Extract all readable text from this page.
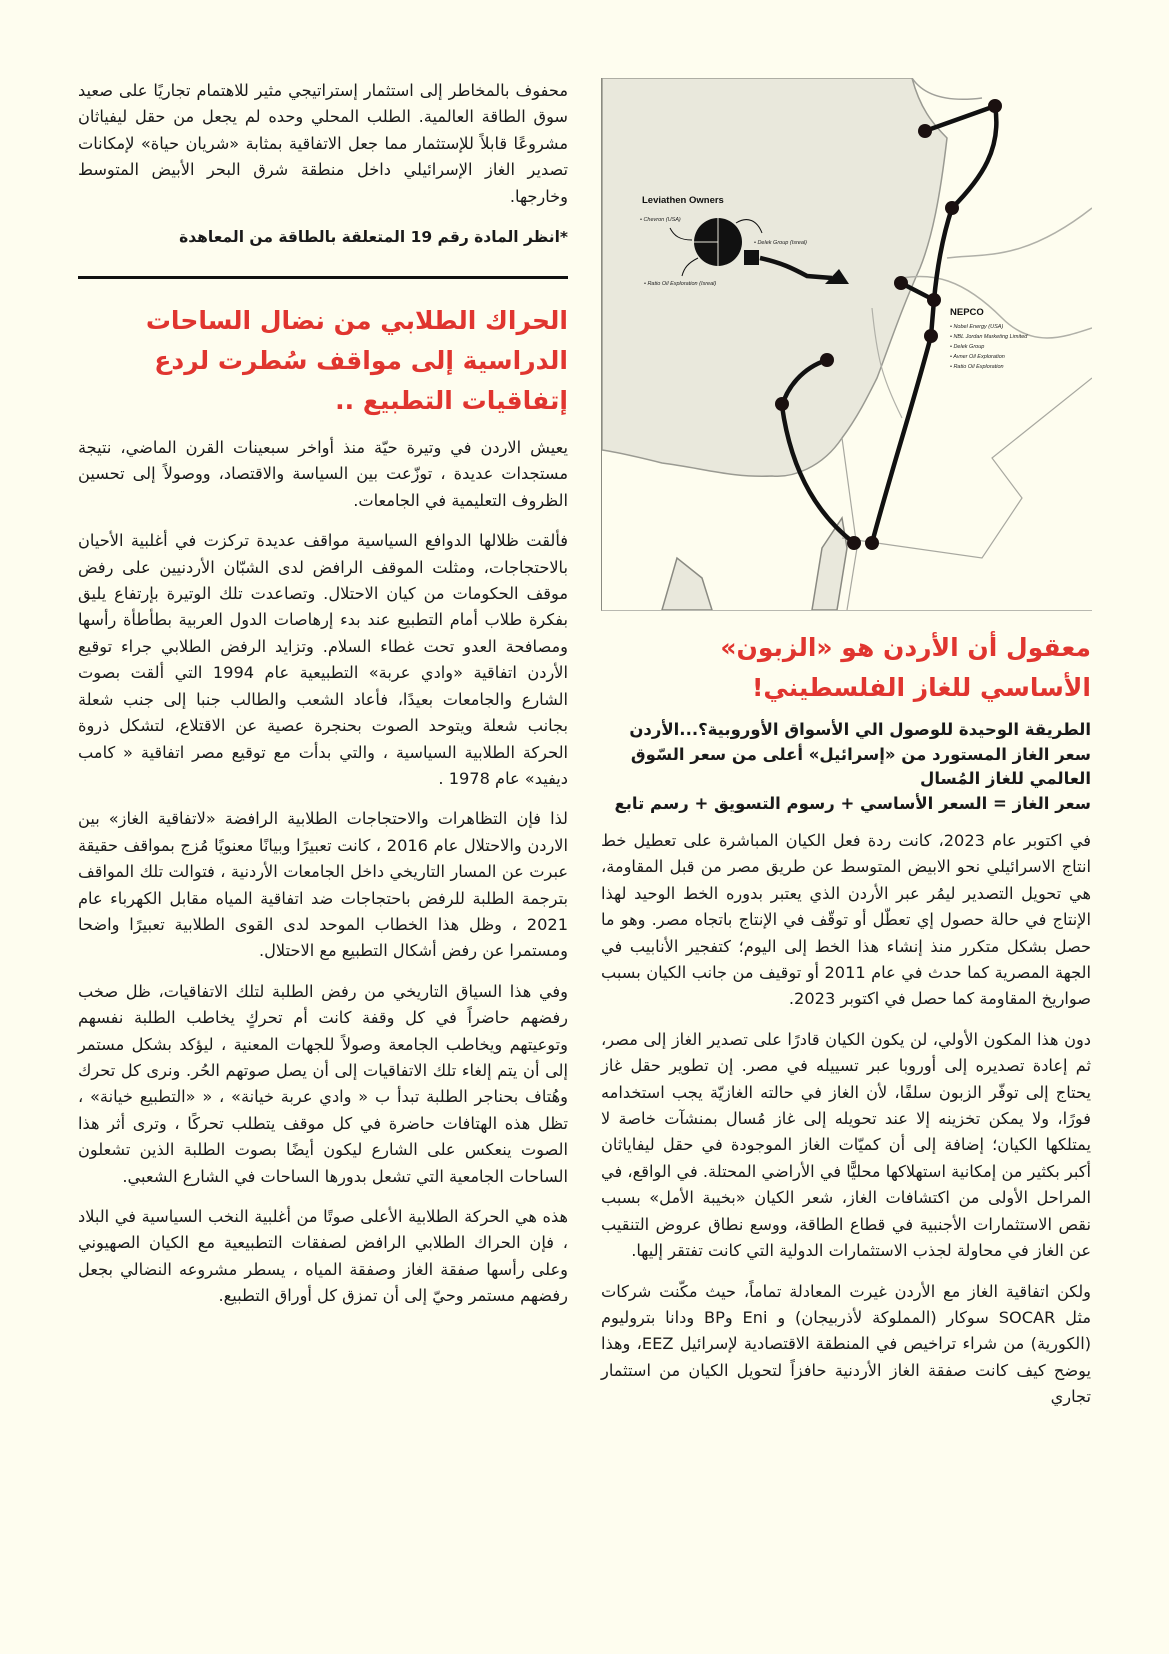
محفوف بالمخاطر إلى استثمار إستراتيجي مثير للاهتمام تجاريًا على صعيد سوق الطاقة العالمية. الطلب المحلي وحده لم يجعل من حقل ليفياثان مشروعًا قابلاً للإستثمار مما جعل الاتفاقية بمثابة «شريان حياة» لإمكانات تصدير الغاز الإسرائيلي داخل منطقة شرق البحر الأبيض المتوسط وخارجها.

*انظر المادة رقم 19 المتعلقة بالطاقة من المعاهدة

الحراك الطلابي من نضال الساحات الدراسية إلى مواقف سُطرت لردع إتفاقيات التطبيع ..

يعيش الاردن في وتيرة حيّة منذ أواخر سبعينات القرن الماضي، نتيجة مستجدات عديدة ، توزّعت بين السياسة والاقتصاد، ووصولاً إلى تحسين الظروف التعليمية في الجامعات.

فألقت ظلالها الدوافع السياسية مواقف عديدة تركزت في أغلبية الأحيان بالاحتجاجات، ومثلت الموقف الرافض لدى الشبّان الأردنيين على رفض موقف الحكومات من كيان الاحتلال. وتصاعدت تلك الوتيرة بإرتفاع يليق بفكرة طلاب أمام التطبيع عند بدء إرهاصات الدول العربية بطأطأة رأسها ومصافحة العدو تحت غطاء السلام. وتزايد الرفض الطلابي جراء توقيع الأردن اتفاقية «وادي عربة» التطبيعية عام 1994 التي ألقت بصوت الشارع والجامعات بعيدًا، فأعاد الشعب والطالب جنبا إلى جنب شعلة بجانب شعلة ويتوحد الصوت بحنجرة عصية عن الاقتلاع، لتشكل ذروة الحركة الطلابية السياسية ، والتي بدأت مع توقيع مصر اتفاقية « كامب ديفيد» عام 1978 .

لذا فإن التظاهرات والاحتجاجات الطلابية الرافضة «لاتفاقية الغاز» بين الاردن والاحتلال عام 2016 ، كانت تعبيرًا وبيانًا معنويًا مُزج بمواقف حقيقة عبرت عن المسار التاريخي داخل الجامعات الأردنية ، فتوالت تلك المواقف بترجمة الطلبة للرفض باحتجاجات ضد اتفاقية المياه مقابل الكهرباء عام 2021 ، وظل هذا الخطاب الموحد لدى القوى الطلابية تعبيرًا واضحا ومستمرا عن رفض أشكال التطبيع مع الاحتلال.

وفي هذا السياق التاريخي من رفض الطلبة لتلك الاتفاقيات، ظل صخب رفضهم حاضراً في كل وقفة كانت أم تحركٍ يخاطب الطلبة نفسهم وتوعيتهم ويخاطب الجامعة وصولاً للجهات المعنية ، ليؤكد بشكل مستمر إلى أن يتم إلغاء تلك الاتفاقيات إلى أن يصل صوتهم الحُر. ونرى كل تحرك وهُتاف بحناجر الطلبة تبدأ ب « وادي عربة خيانة» ، « «التطبيع خيانة» ، تظل هذه الهتافات حاضرة في كل موقف يتطلب تحركًا ، وترى أثر هذا الصوت ينعكس على الشارع ليكون أيضًا بصوت الطلبة الذين تشعلون الساحات الجامعية التي تشعل بدورها الساحات في الشارع الشعبي.

هذه هي الحركة الطلابية الأعلى صوتًا من أغلبية النخب السياسية في البلاد ، فإن الحراك الطلابي الرافض لصفقات التطبيعية مع الكيان الصهيوني وعلى رأسها صفقة الغاز وصفقة المياه ، يسطر مشروعه النضالي بجعل رفضهم مستمر وحيّ إلى أن تمزق كل أوراق التطبيع.

Leviathen Owners
• Chevron (USA)
• Delek Group (Isreal)
• Ratio Oil Exploration (Isreal)
NEPCO
• Nobel Energy (USA)
• NBL Jordan Marketing Limited
• Delek Group
• Avner Oil Exploration
• Ratio Oil Exploration
معقول أن الأردن هو «الزبون» الأساسي للغاز الفلسطيني!

الطريقة الوحيدة للوصول الي الأسواق الأوروبية؟...الأردن

سعر الغاز المستورد من «إسرائيل» أعلى من سعر السّوق العالمي للغاز المُسال

سعر الغاز = السعر الأساسي + رسوم التسويق + رسم تابع

في اكتوبر عام 2023، كانت ردة فعل الكيان المباشرة على تعطيل خط انتاج الاسرائيلي نحو الابيض المتوسط عن طريق مصر من قبل المقاومة، هي تحويل التصدير ليمُر عبر الأردن الذي يعتبر بدوره الخط الوحيد لهذا الإنتاج في حالة حصول إي تعطّل أو توقّف في الإنتاج باتجاه مصر. وهو ما حصل بشكل متكرر منذ إنشاء هذا الخط إلى اليوم؛ كتفجير الأنابيب في الجهة المصرية كما حدث في عام 2011 أو توقيف من جانب الكيان بسبب صواريخ المقاومة كما حصل في اكتوبر 2023.

دون هذا المكون الأولي، لن يكون الكيان قادرًا على تصدير الغاز إلى مصر، ثم إعادة تصديره إلى أوروبا عبر تسييله في مصر. إن تطوير حقل غاز يحتاج إلى توفّر الزبون سلفًا، لأن الغاز في حالته الغازيّة يجب استخدامه فورًا، ولا يمكن تخزينه إلا عند تحويله إلى غاز مُسال بمنشآت خاصة لا يمتلكها الكيان؛ إضافة إلى أن كميّات الغاز الموجودة في حقل ليفاياثان أكبر بكثير من إمكانية استهلاكها محليًّا في الأراضي المحتلة. في الواقع، في المراحل الأولى من اكتشافات الغاز، شعر الكيان «بخيبة الأمل» بسبب نقص الاستثمارات الأجنبية في قطاع الطاقة، ووسع نطاق عروض التنقيب عن الغاز في محاولة لجذب الاستثمارات الدولية التي كانت تفتقر إليها.

ولكن اتفاقية الغاز مع الأردن غيرت المعادلة تماماً، حيث مكّنت شركات مثل SOCAR سوكار (المملوكة لأذربيجان) و Eni وBP ودانا بتروليوم (الكورية) من شراء تراخيص في المنطقة الاقتصادية لإسرائيل EEZ، وهذا يوضح كيف كانت صفقة الغاز الأردنية حافزاً لتحويل الكيان من استثمار تجاري
